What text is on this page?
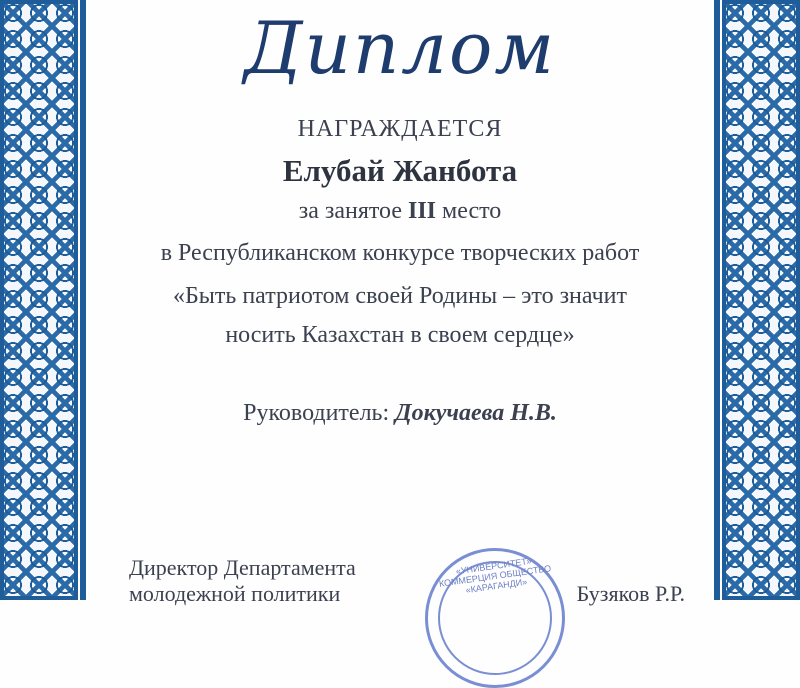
Диплом
НАГРАЖДАЕТСЯ
Елубай Жанбота
за занятое III место
в Республиканском конкурсе творческих работ
«Быть патриотом своей Родины – это значит
носить Казахстан в своем сердце»
Руководитель: Докучаева Н.В.
Директор Департамента
молодежной политики
«УНИВЕРСИТЕТ» КОММЕРЦИЯ ОБЩЕСТВО «КАРАГАНДИ»	Бузяков Р.Р.
